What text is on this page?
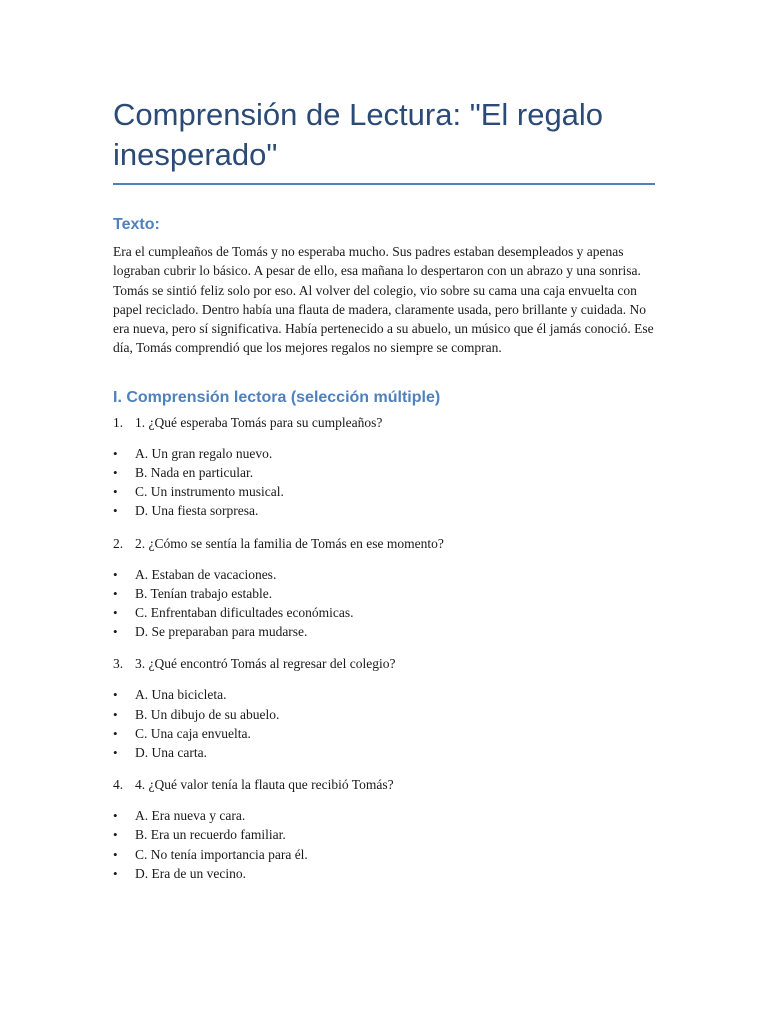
Comprensión de Lectura: "El regalo inesperado"
Texto:

Era el cumpleaños de Tomás y no esperaba mucho. Sus padres estaban desempleados y apenas lograban cubrir lo básico. A pesar de ello, esa mañana lo despertaron con un abrazo y una sonrisa. Tomás se sintió feliz solo por eso. Al volver del colegio, vio sobre su cama una caja envuelta con papel reciclado. Dentro había una flauta de madera, claramente usada, pero brillante y cuidada. No era nueva, pero sí significativa. Había pertenecido a su abuelo, un músico que él jamás conoció. Ese día, Tomás comprendió que los mejores regalos no siempre se compran.

I. Comprensión lectora (selección múltiple)
1. 1. ¿Qué esperaba Tomás para su cumpleaños?
•	A. Un gran regalo nuevo.
•	B. Nada en particular.
•	C. Un instrumento musical.
•	D. Una fiesta sorpresa.
2. 2. ¿Cómo se sentía la familia de Tomás en ese momento?
•	A. Estaban de vacaciones.
•	B. Tenían trabajo estable.
•	C. Enfrentaban dificultades económicas.
•	D. Se preparaban para mudarse.
3. 3. ¿Qué encontró Tomás al regresar del colegio?
•	A. Una bicicleta.
•	B. Un dibujo de su abuelo.
•	C. Una caja envuelta.
•	D. Una carta.
4. 4. ¿Qué valor tenía la flauta que recibió Tomás?
•	A. Era nueva y cara.
•	B. Era un recuerdo familiar.
•	C. No tenía importancia para él.
•	D. Era de un vecino.
